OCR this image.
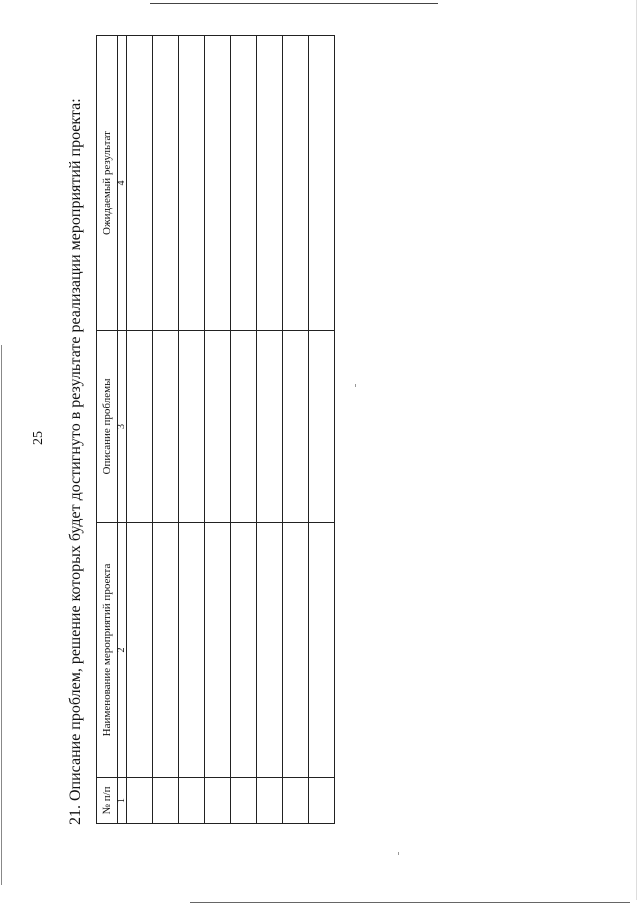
25 21. Описание проблем, решение которых будет достигнуто в результате реализации мероприятий проекта: № п/п	Наименование мероприятий проекта	Описание проблемы	Ожидаемый результат
1	2	3	4
